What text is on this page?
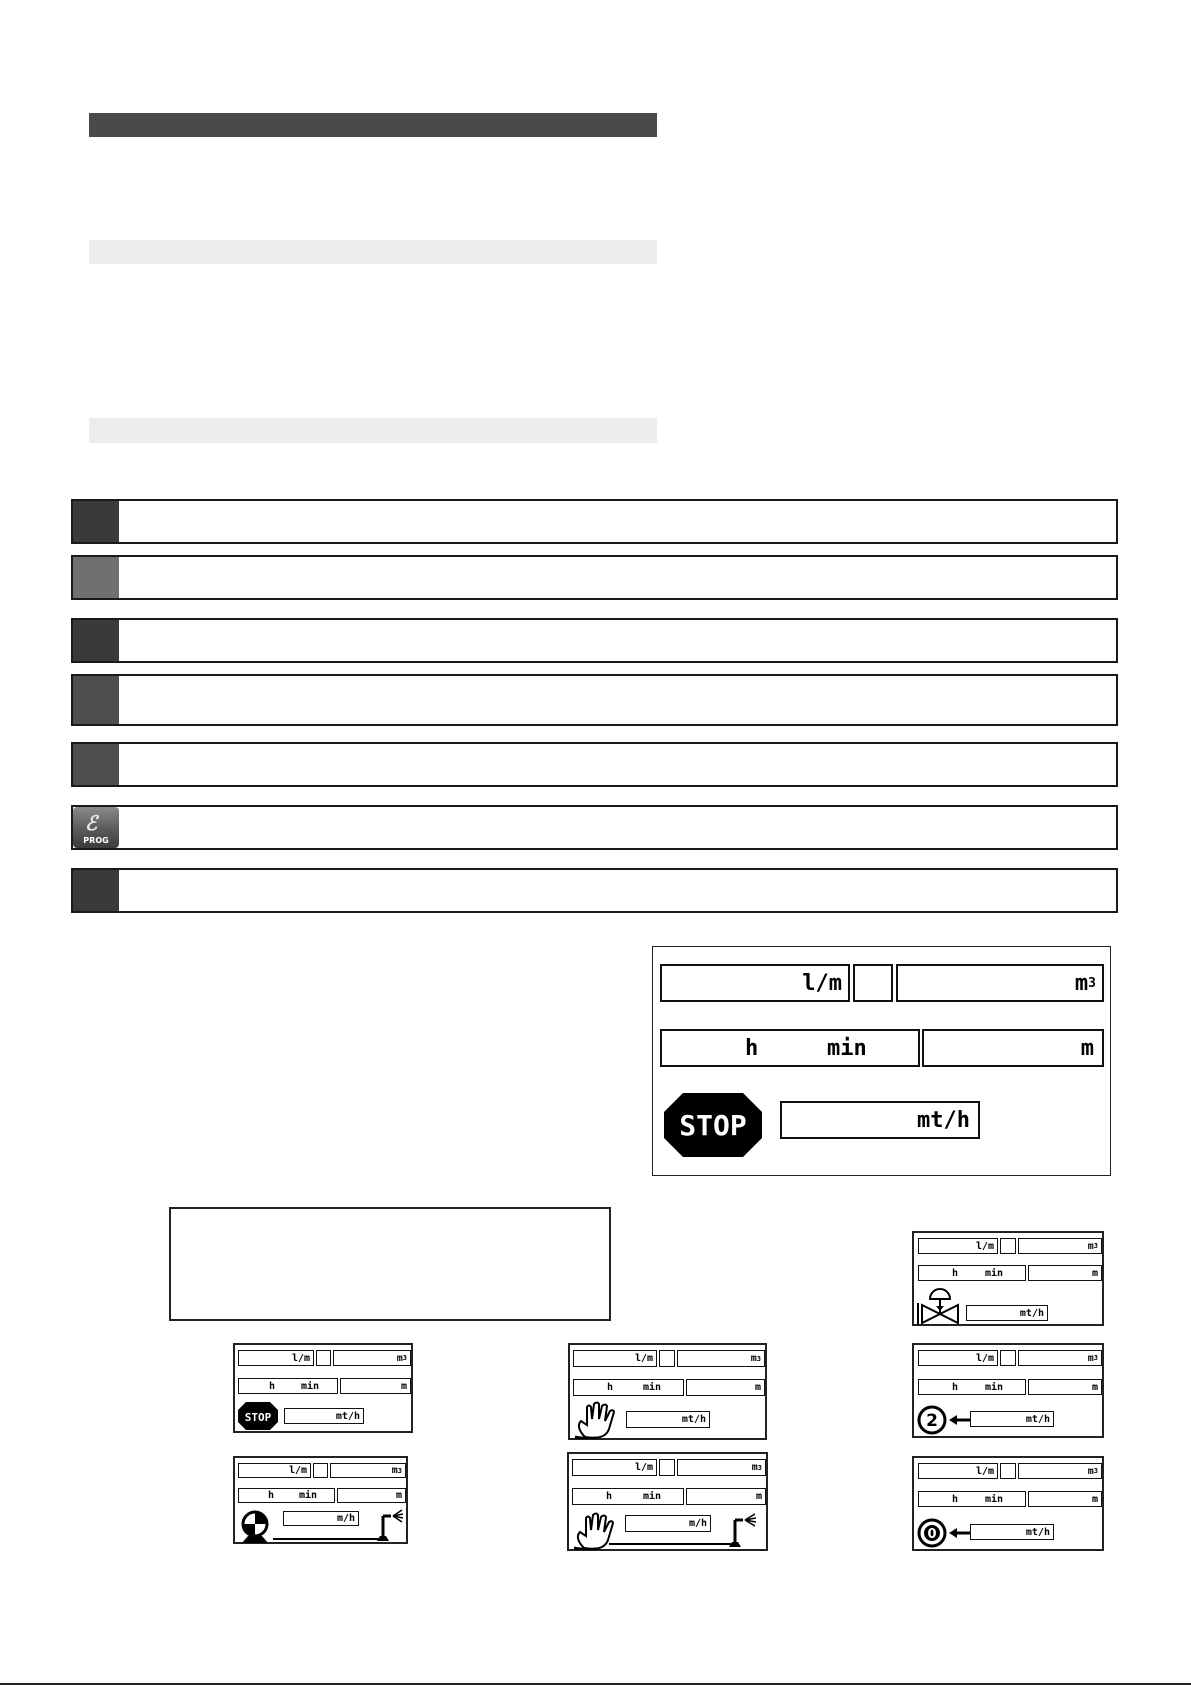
ℰ
PROG
l/m	m 3
h	min	m
STOP	mt/h
l/m	m 3
h	min	m
mt/h
l/m	m 3
h	min	m
STOP	mt/h
l/m	m 3
h	min	m
mt/h
l/m	m 3
h	min	m
2	mt/h
l/m	m 3
h min	m
m/h
l/m	m 3
h	min	m
m/h
l/m	m 3
h	min	m
0	mt/h
